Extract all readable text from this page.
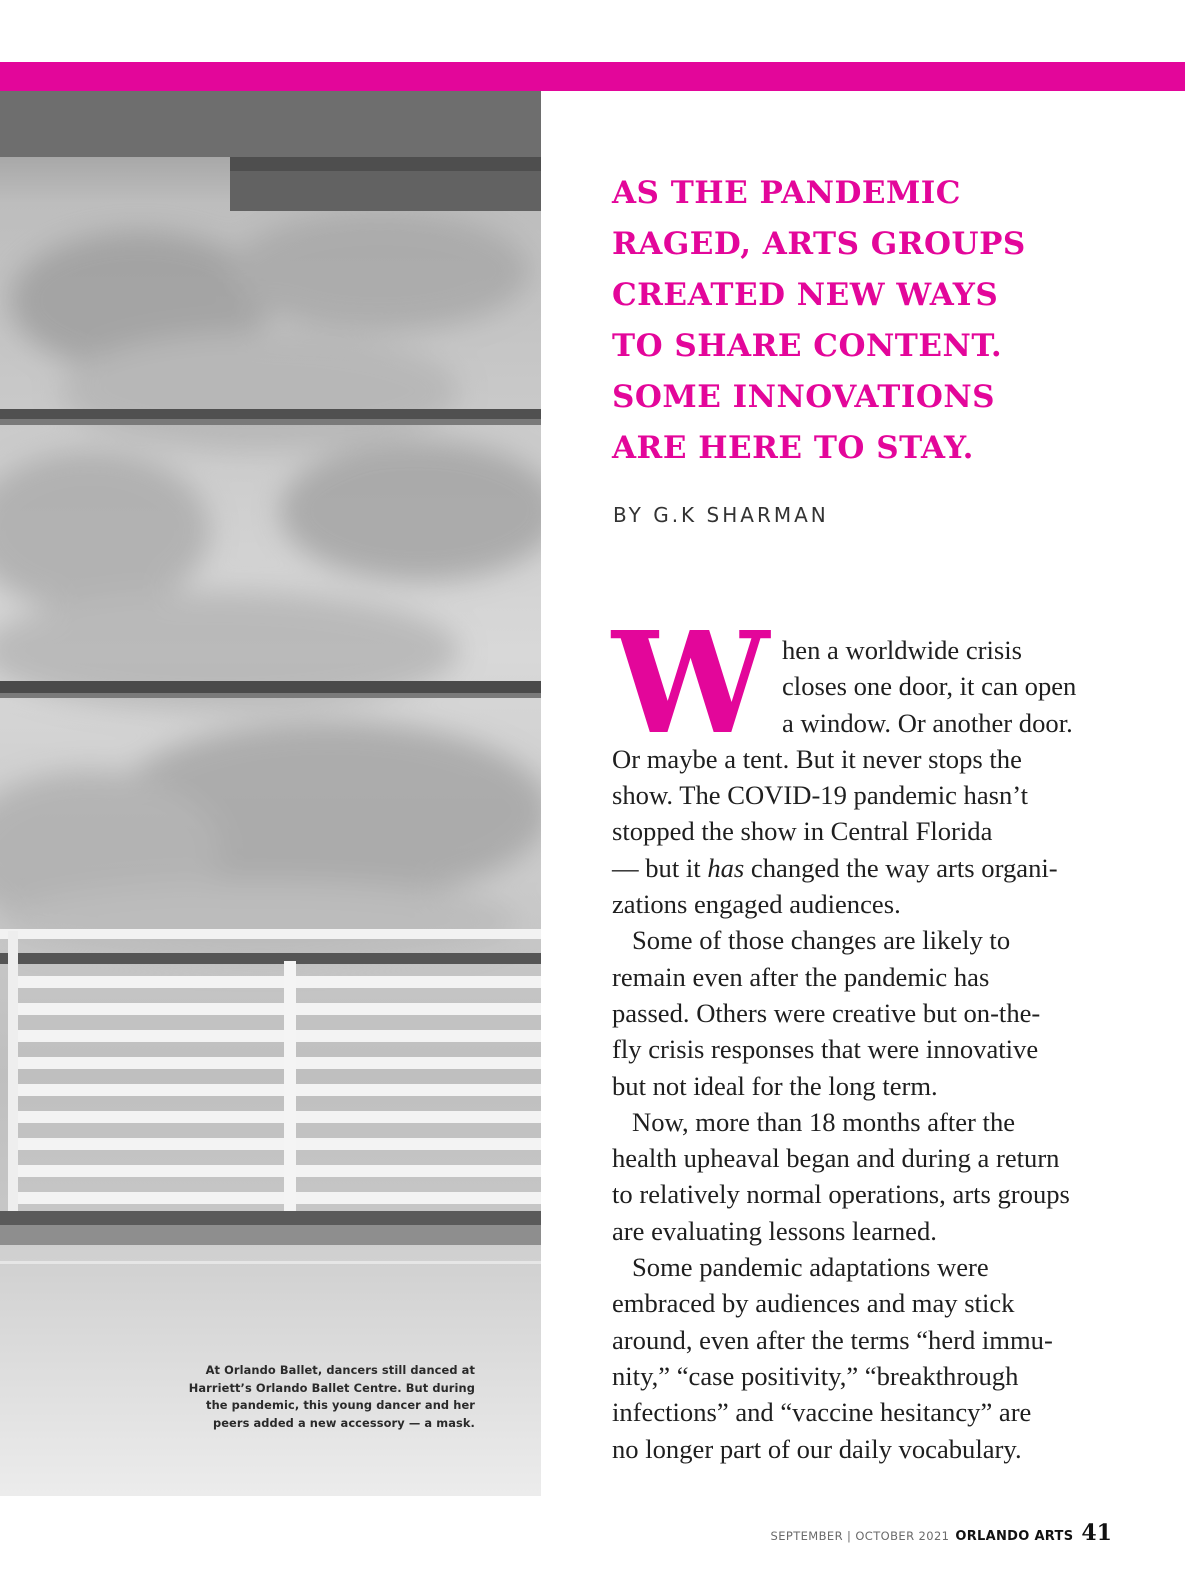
At Orlando Ballet, dancers still danced at
Harriett’s Orlando Ballet Centre. But during
the pandemic, this young dancer and her
peers added a new accessory — a mask.
AS THE PANDEMIC
RAGED, ARTS GROUPS
CREATED NEW WAYS
TO SHARE CONTENT.
SOME INNOVATIONS
ARE HERE TO STAY.
BY G.K SHARMAN
W hen a worldwide crisis

closes one door, it can open

a window. Or another door.

Or maybe a tent. But it never stops the

show. The COVID-19 pandemic hasn’t

stopped the show in Central Florida

— but it has changed the way arts organi-

zations engaged audiences.

Some of those changes are likely to

remain even after the pandemic has

passed. Others were creative but on-the-

fly crisis responses that were innovative

but not ideal for the long term.

Now, more than 18 months after the

health upheaval began and during a return

to relatively normal operations, arts groups

are evaluating lessons learned.

Some pandemic adaptations were

embraced by audiences and may stick

around, even after the terms “herd immu-

nity,” “case positivity,” “breakthrough

infections” and “vaccine hesitancy” are

no longer part of our daily vocabulary.

SEPTEMBER | OCTOBER 2021 ORLANDO ARTS 41
